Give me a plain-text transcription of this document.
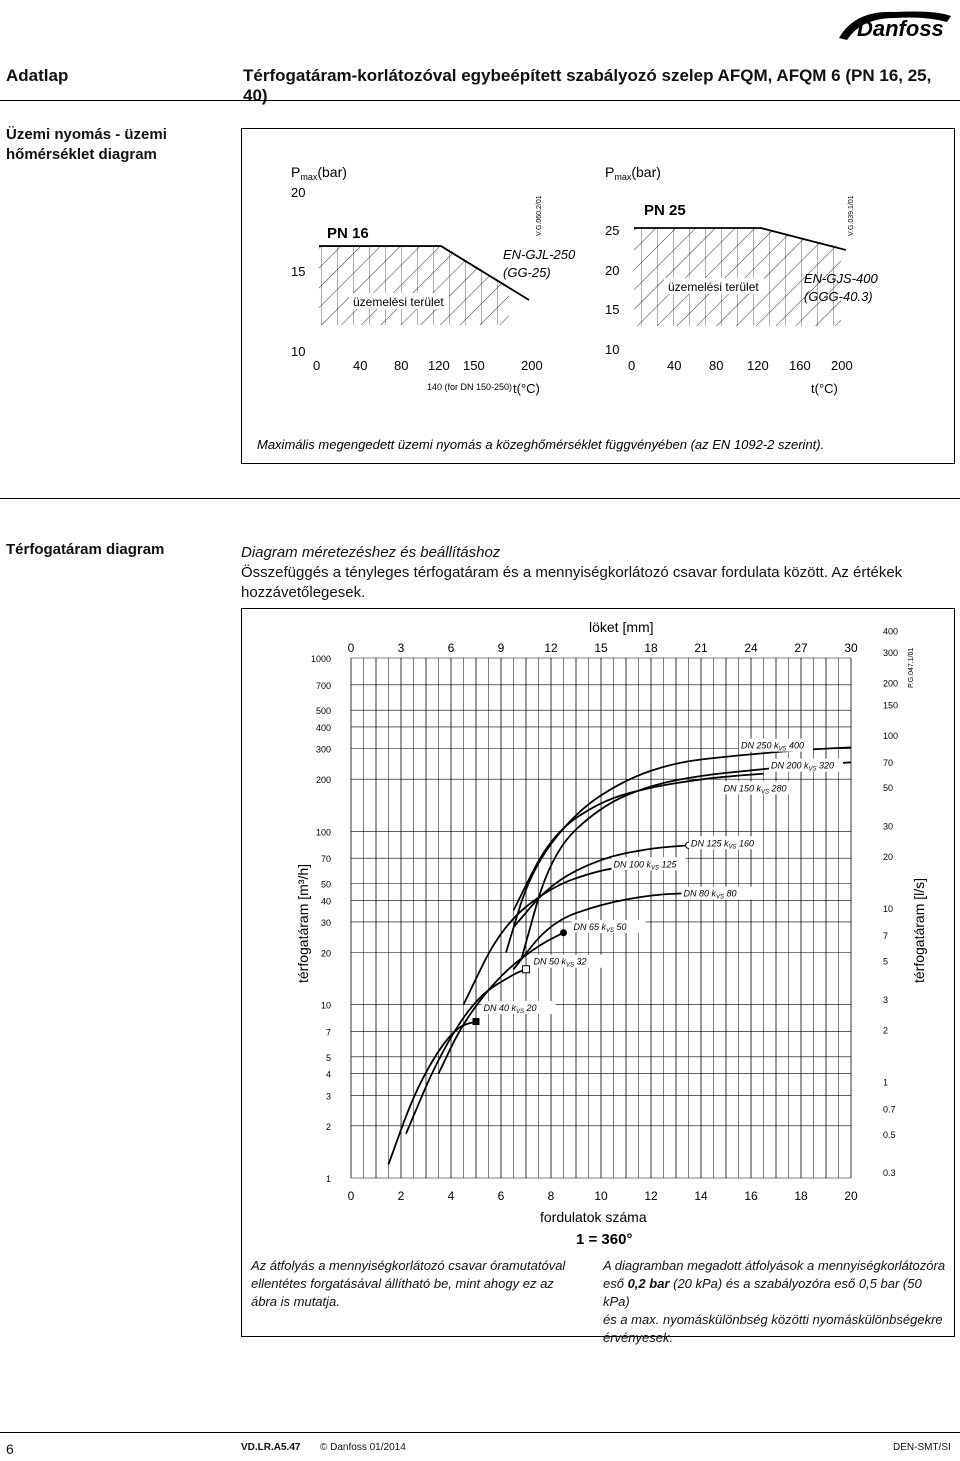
Danfoss
Adatlap	Térfogatáram-korlátozóval egybeépített szabályozó szelep AFQM, AFQM 6 (PN 16, 25, 40)
Üzemi nyomás - üzemi
hőmérséklet diagram
$P_{max}(bar)$
20
15
10
PN 16
üzemelési terület
EN-GJL-250
(GG-25)
V.G.060.2/01
0	40 80 120 150	200
140 (for DN 150-250) t(°C)
$P_{max}(bar)$
25
20
15
10
PN 25
üzemelési terület
EN-GJS-400
(GGG-40.3)
V.G.039.1/01
0 40 80 120 160 200
t(°C)
Maximális megengedett üzemi nyomás a közeghőmérséklet függvényében (az EN 1092-2 szerint).
Térfogatáram diagram	Diagram méretezéshez és beállításhoz
Összefüggés a tényleges térfogatáram és a mennyiségkorlátozó csavar fordulata között. Az értékek
hozzávetőlegesek.
löket [mm]
térfogatáram [m³/h]	térfogatáram [l/s]
fordulatok száma
1 = 360°
P.G.047.1/01
DN 250 $k_{VS}$ 400
DN 200 $k_{VS}$ 320
DN 150 $k_{VS}$ 280
DN 125 $k_{VS}$ 160
DN 100 $k_{VS}$ 125
DN 80 $k_{VS}$ 80
DN 65 $k_{VS}$ 50
DN 50 $k_{VS}$ 32
DN 40 $k_{VS}$ 20
1000
700
500
400
300
200
100
70
50
40
30
20
10
7
5
4
3
2
1
400
300
200
150
100
70
50
30
20
10
7
5
3
2
1
0.7
0.5
0.3
0	2	4	6	8	10	12	14	16	18	20
0	3	6	9	12	15	18	21	24	27	30
Az átfolyás a mennyiségkorlátozó csavar óramutatóval
ellentétes forgatásával állítható be, mint ahogy ez az
ábra is mutatja.
A diagramban megadott átfolyások a mennyiségkorlátozóra
eső 0,2 bar (20 kPa) és a szabályozóra eső 0,5 bar (50 kPa)
és a max. nyomáskülönbség közötti nyomáskülönbségekre
érvényesek.
6	VD.LR.A5.47 © Danfoss 01/2014	DEN-SMT/SI
